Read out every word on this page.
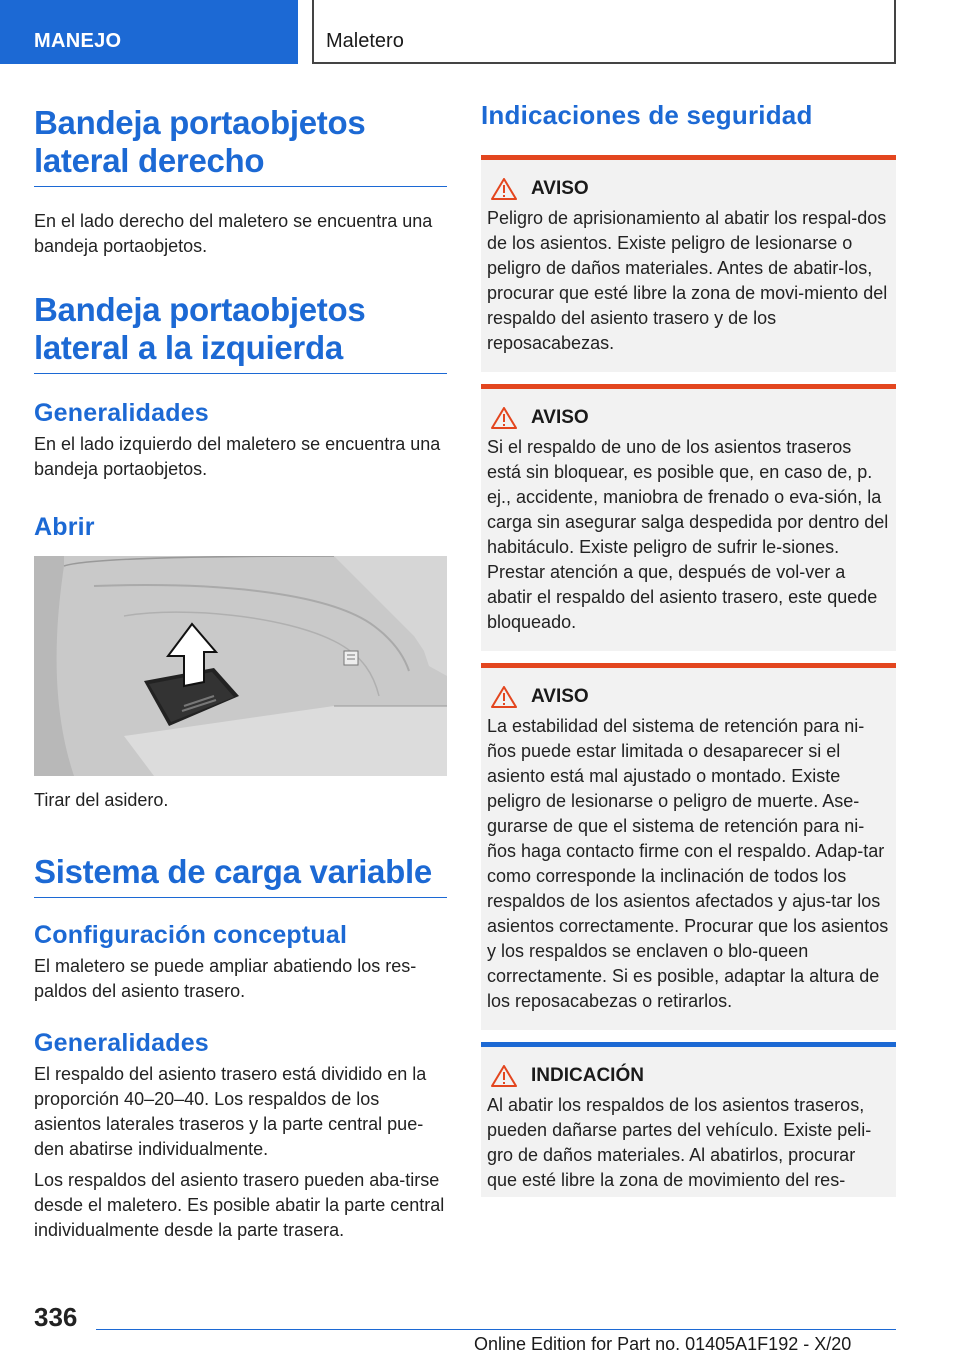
MANEJO	Maletero
Bandeja portaobjetos lateral derecho
En el lado derecho del maletero se encuentra una bandeja portaobjetos.
Bandeja portaobjetos lateral a la izquierda
Generalidades
En el lado izquierdo del maletero se encuentra una bandeja portaobjetos.
Abrir
Tirar del asidero.
Sistema de carga variable
Configuración conceptual
El maletero se puede ampliar abatiendo los res-paldos del asiento trasero.
Generalidades
El respaldo del asiento trasero está dividido en la proporción 40–20–40. Los respaldos de los asientos laterales traseros y la parte central pue-den abatirse individualmente.
Los respaldos del asiento trasero pueden aba-tirse desde el maletero. Es posible abatir la parte central individualmente desde la parte trasera.
Indicaciones de seguridad
AVISO
Peligro de aprisionamiento al abatir los respal-dos de los asientos. Existe peligro de lesionarse o peligro de daños materiales. Antes de abatir-los, procurar que esté libre la zona de movi-miento del respaldo del asiento trasero y de los reposacabezas.
AVISO
Si el respaldo de uno de los asientos traseros está sin bloquear, es posible que, en caso de, p. ej., accidente, maniobra de frenado o eva-sión, la carga sin asegurar salga despedida por dentro del habitáculo. Existe peligro de sufrir le-siones. Prestar atención a que, después de vol-ver a abatir el respaldo del asiento trasero, este quede bloqueado.
AVISO
La estabilidad del sistema de retención para ni-ños puede estar limitada o desaparecer si el asiento está mal ajustado o montado. Existe peligro de lesionarse o peligro de muerte. Ase-gurarse de que el sistema de retención para ni-ños haga contacto firme con el respaldo. Adap-tar como corresponde la inclinación de todos los respaldos de los asientos afectados y ajus-tar los asientos correctamente. Procurar que los asientos y los respaldos se enclaven o blo-queen correctamente. Si es posible, adaptar la altura de los reposacabezas o retirarlos.
INDICACIÓN
Al abatir los respaldos de los asientos traseros, pueden dañarse partes del vehículo. Existe peli-gro de daños materiales. Al abatirlos, procurar que esté libre la zona de movimiento del res-
336
Online Edition for Part no. 01405A1F192 - X/20
